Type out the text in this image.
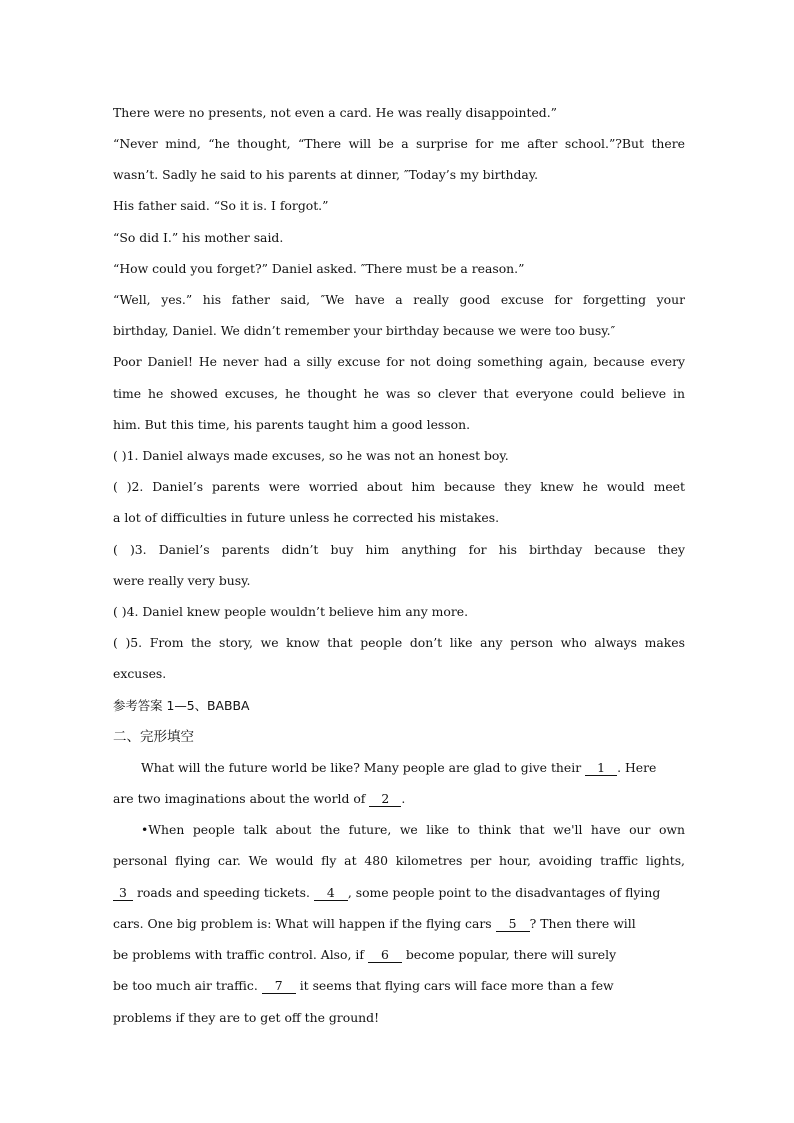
There were no presents, not even a card. He was really disappointed.”
“Never mind, “he thought, “There will be a surprise for me after school.”?But there
wasn’t. Sadly he said to his parents at dinner, ″Today’s my birthday.
His father said. “So it is. I forgot.”
“So did I.” his mother said.
“How could you forget?” Daniel asked. ″There must be a reason.”
“Well, yes.” his father said, ″We have a really good excuse for forgetting your
birthday, Daniel. We didn’t remember your birthday because we were too busy.″
Poor Daniel! He never had a silly excuse for not doing something again, because every
time he showed excuses, he thought he was so clever that everyone could believe in
him. But this time, his parents taught him a good lesson.
( )1. Daniel always made excuses, so he was not an honest boy.
( )2. Daniel’s parents were worried about him because they knew he would meet
a lot of difficulties in future unless he corrected his mistakes.
( )3. Daniel’s parents didn’t buy him anything for his birthday because they
were really very busy.
( )4. Daniel knew people wouldn’t believe him any more.
( )5. From the story, we know that people don’t like any person who always makes
excuses.
参考答案 1—5、BABBA
二、完形填空
What will the future world be like? Many people are glad to give their 1 . Here
are two imaginations about the world of 2 .
•When people talk about the future, we like to think that we'll have our own
personal flying car. We would fly at 480 kilometres per hour, avoiding traffic lights,
3 roads and speeding tickets. 4 , some people point to the disadvantages of flying
cars. One big problem is: What will happen if the flying cars 5 ? Then there will
be problems with traffic control. Also, if 6 become popular, there will surely
be too much air traffic. 7 it seems that flying cars will face more than a few
problems if they are to get off the ground!
